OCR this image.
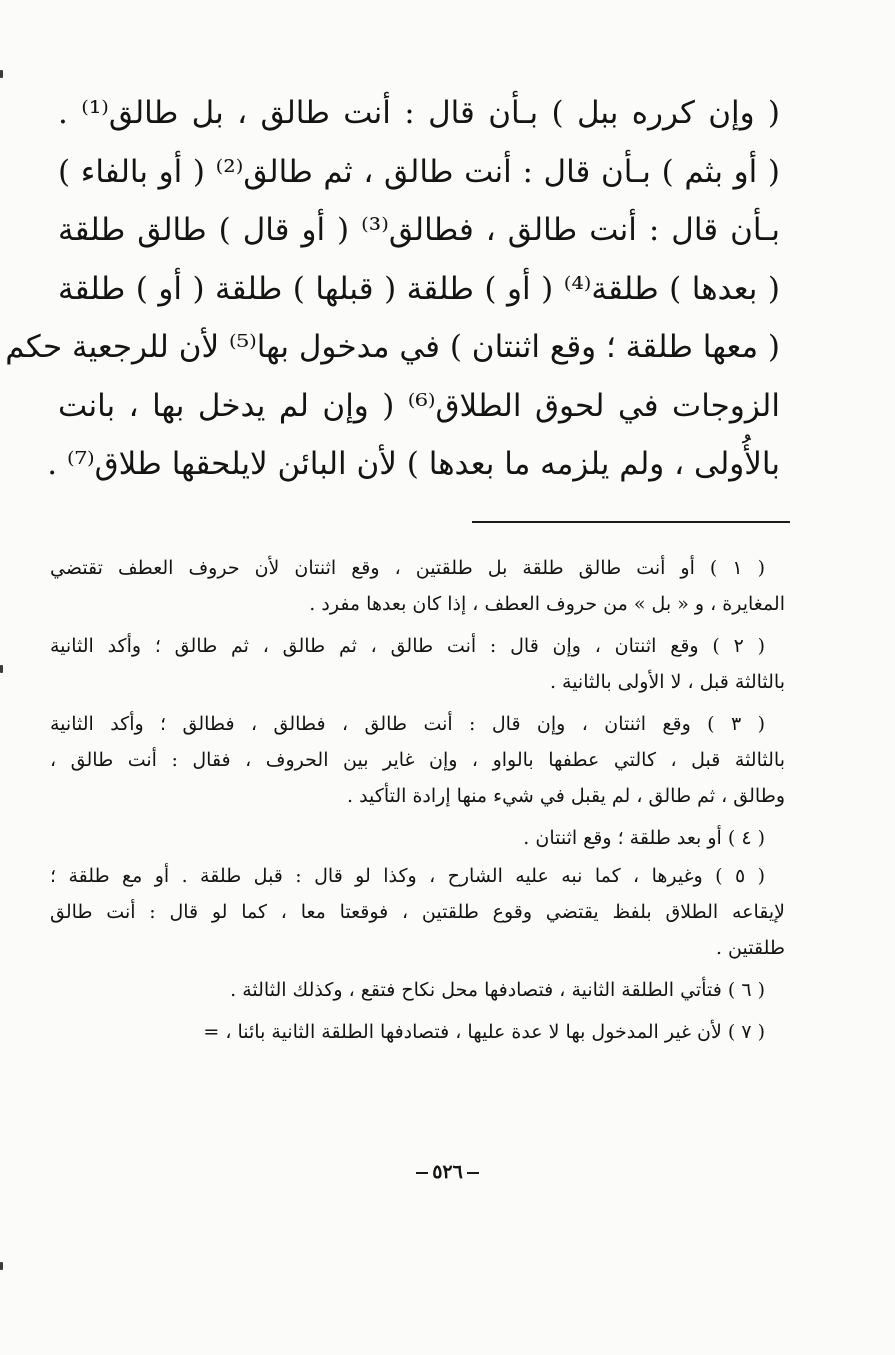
( وإن كرره ببل ) بـأن قال : أنت طالق ، بل طالق⁽¹⁾ .
( أو بثم ) بـأن قال : أنت طالق ، ثم طالق⁽²⁾ ( أو بالفاء )
بـأن قال : أنت طالق ، فطالق⁽³⁾ ( أو قال ) طالق طلقة
( بعدها ) طلقة⁽⁴⁾ ( أو ) طلقة ( قبلها ) طلقة ( أو ) طلقة
( معها طلقة ؛ وقع اثنتان ) في مدخول بها⁽⁵⁾ لأن للرجعية حكم
الزوجات في لحوق الطلاق⁽⁶⁾ ( وإن لم يدخل بها ، بانت
بالأُولى ، ولم يلزمه ما بعدها ) لأن البائن لايلحقها طلاق⁽⁷⁾ .
( ١ ) أو أنت طالق طلقة بل طلقتين ، وقع اثنتان لأن حروف العطف تقتضي
المغايرة ، و « بل » من حروف العطف ، إذا كان بعدها مفرد .
( ٢ ) وقع اثنتان ، وإن قال : أنت طالق ، ثم طالق ، ثم طالق ؛ وأكد الثانية
بالثالثة قبل ، لا الأولى بالثانية .
( ٣ ) وقع اثنتان ، وإن قال : أنت طالق ، فطالق ، فطالق ؛ وأكد الثانية
بالثالثة قبل ، كالتي عطفها بالواو ، وإن غاير بين الحروف ، فقال : أنت طالق ،
وطالق ، ثم طالق ، لم يقبل في شيء منها إرادة التأكيد .
( ٤ ) أو بعد طلقة ؛ وقع اثنتان .
( ٥ ) وغيرها ، كما نبه عليه الشارح ، وكذا لو قال : قبل طلقة . أو مع طلقة ؛
لإيقاعه الطلاق بلفظ يقتضي وقوع طلقتين ، فوقعتا معا ، كما لو قال : أنت طالق
طلقتين .
( ٦ ) فتأتي الطلقة الثانية ، فتصادفها محل نكاح فتقع ، وكذلك الثالثة .
( ٧ ) لأن غير المدخول بها لا عدة عليها ، فتصادفها الطلقة الثانية بائنا ، =
٥٢٦
